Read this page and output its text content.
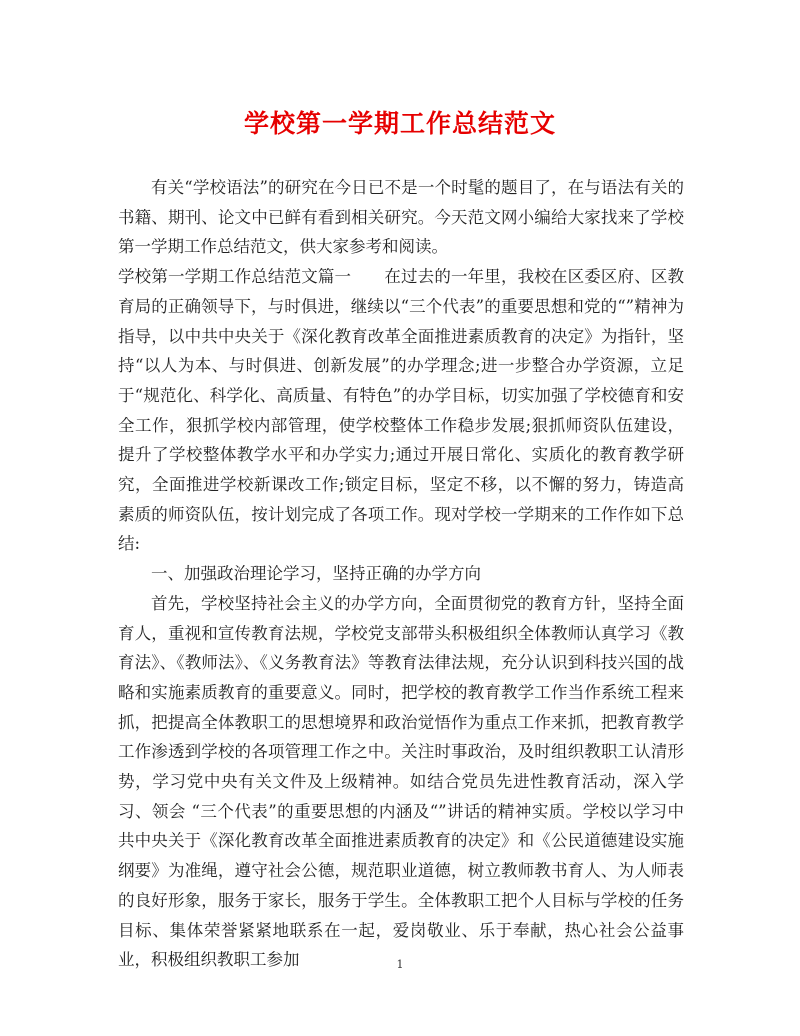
学校第一学期工作总结范文

有关“学校语法”的研究在今日已不是一个时髦的题目了，在与语法有关的书籍、期刊、论文中已鲜有看到相关研究。今天范文网小编给大家找来了学校第一学期工作总结范文，供大家参考和阅读。

学校第一学期工作总结范文篇一 在过去的一年里，我校在区委区府、区教育局的正确领导下，与时俱进，继续以“三个代表”的重要思想和党的“”精神为指导，以中共中央关于《深化教育改革全面推进素质教育的决定》为指针，坚持“以人为本、与时俱进、创新发展”的办学理念;进一步整合办学资源，立足于“规范化、科学化、高质量、有特色”的办学目标，切实加强了学校德育和安全工作，狠抓学校内部管理，使学校整体工作稳步发展;狠抓师资队伍建设，提升了学校整体教学水平和办学实力;通过开展日常化、实质化的教育教学研究，全面推进学校新课改工作;锁定目标，坚定不移，以不懈的努力，铸造高素质的师资队伍，按计划完成了各项工作。现对学校一学期来的工作作如下总结:

一、加强政治理论学习，坚持正确的办学方向

首先，学校坚持社会主义的办学方向，全面贯彻党的教育方针，坚持全面育人，重视和宣传教育法规，学校党支部带头积极组织全体教师认真学习《教育法》、《教师法》、《义务教育法》等教育法律法规，充分认识到科技兴国的战略和实施素质教育的重要意义。同时，把学校的教育教学工作当作系统工程来抓，把提高全体教职工的思想境界和政治觉悟作为重点工作来抓，把教育教学工作渗透到学校的各项管理工作之中。关注时事政治，及时组织教职工认清形势，学习党中央有关文件及上级精神。如结合党员先进性教育活动，深入学习、领会 “三个代表”的重要思想的内涵及“”讲话的精神实质。学校以学习中共中央关于《深化教育改革全面推进素质教育的决定》和《公民道德建设实施纲要》为准绳，遵守社会公德，规范职业道德，树立教师教书育人、为人师表的良好形象，服务于家长，服务于学生。全体教职工把个人目标与学校的任务目标、集体荣誉紧紧地联系在一起，爱岗敬业、乐于奉献，热心社会公益事业，积极组织教职工参加	1
